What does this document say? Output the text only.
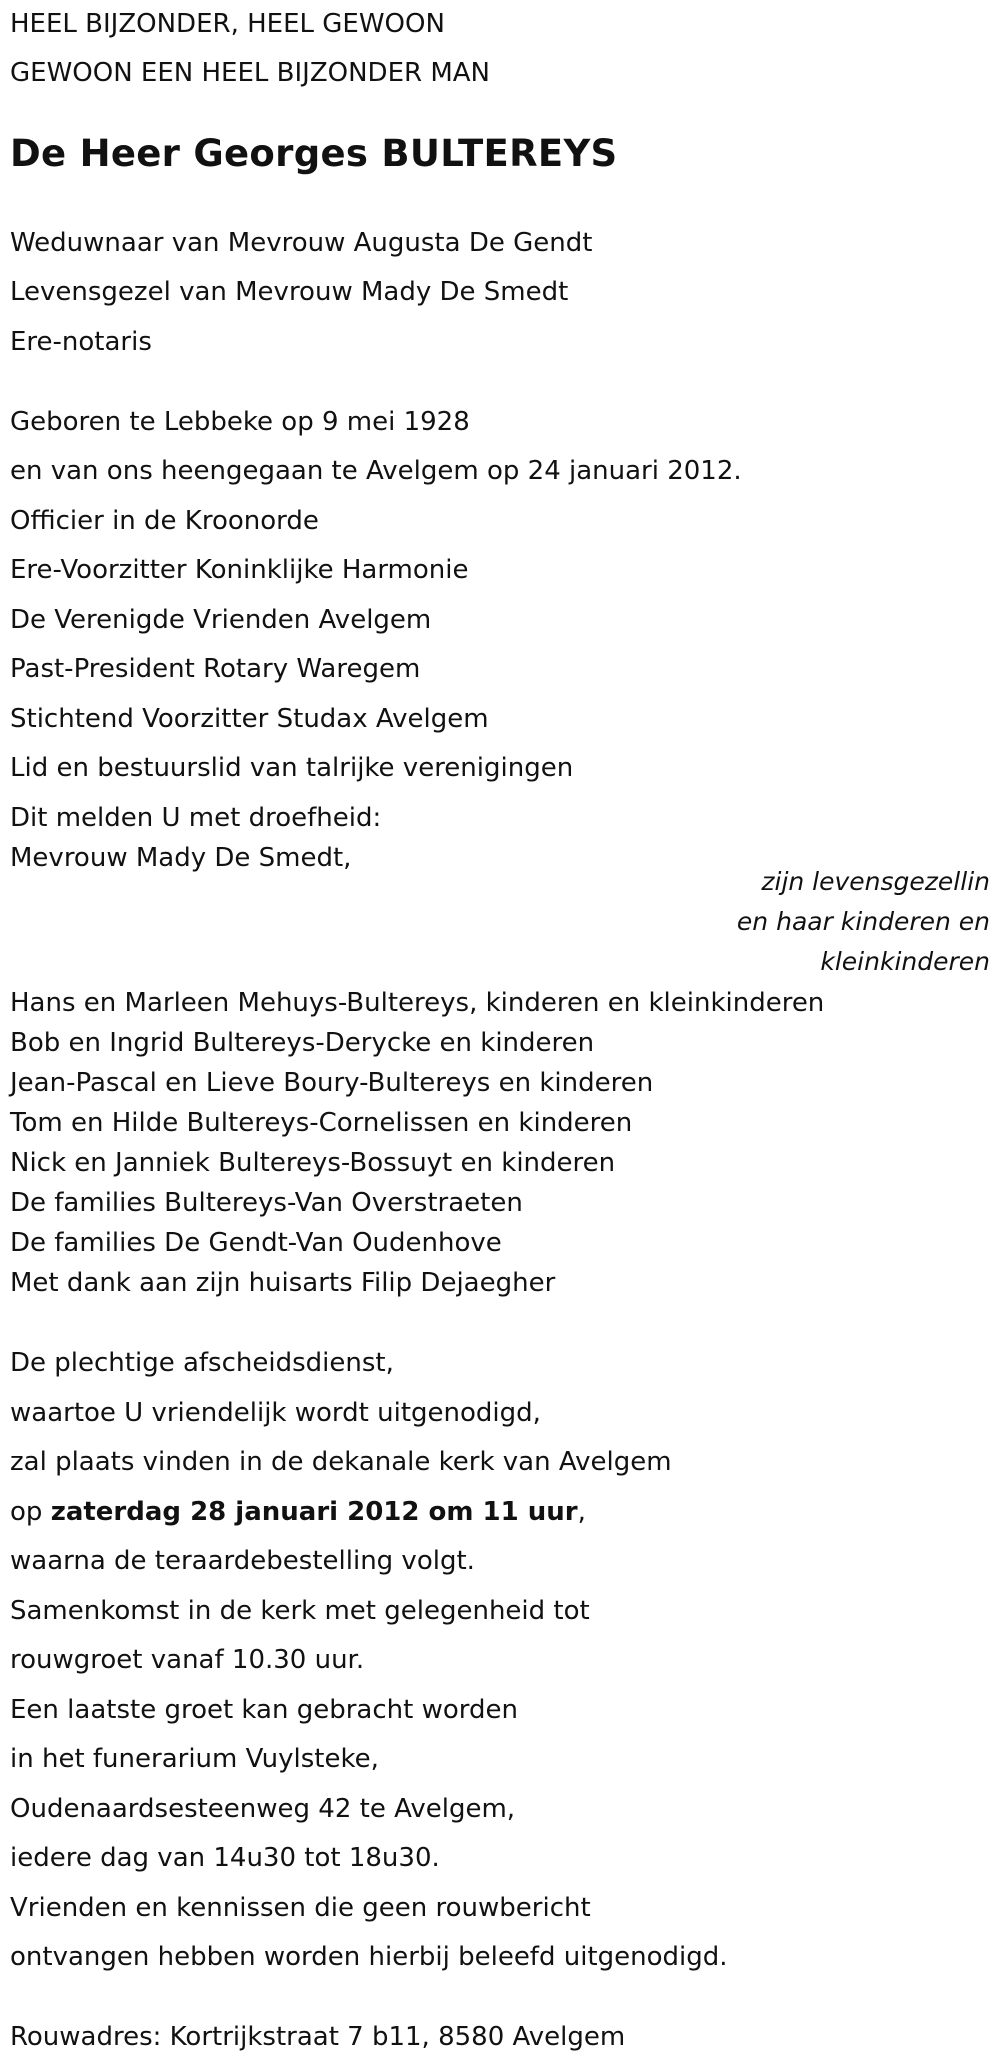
HEEL BIJZONDER, HEEL GEWOON

GEWOON EEN HEEL BIJZONDER MAN

De Heer Georges BULTEREYS

Weduwnaar van Mevrouw Augusta De Gendt

Levensgezel van Mevrouw Mady De Smedt

Ere-notaris

Geboren te Lebbeke op 9 mei 1928

en van ons heengegaan te Avelgem op 24 januari 2012.

Officier in de Kroonorde

Ere-Voorzitter Koninklijke Harmonie

De Verenigde Vrienden Avelgem

Past-President Rotary Waregem

Stichtend Voorzitter Studax Avelgem

Lid en bestuurslid van talrijke verenigingen

Dit melden U met droefheid:

Mevrouw Mady De Smedt,

zijn levensgezellin

en haar kinderen en

kleinkinderen

Hans en Marleen Mehuys-Bultereys, kinderen en kleinkinderen

Bob en Ingrid Bultereys-Derycke en kinderen

Jean-Pascal en Lieve Boury-Bultereys en kinderen

Tom en Hilde Bultereys-Cornelissen en kinderen

Nick en Janniek Bultereys-Bossuyt en kinderen

De families Bultereys-Van Overstraeten

De families De Gendt-Van Oudenhove

Met dank aan zijn huisarts Filip Dejaegher

De plechtige afscheidsdienst,

waartoe U vriendelijk wordt uitgenodigd,

zal plaats vinden in de dekanale kerk van Avelgem

op zaterdag 28 januari 2012 om 11 uur,

waarna de teraardebestelling volgt.

Samenkomst in de kerk met gelegenheid tot

rouwgroet vanaf 10.30 uur.

Een laatste groet kan gebracht worden

in het funerarium Vuylsteke,

Oudenaardsesteenweg 42 te Avelgem,

iedere dag van 14u30 tot 18u30.

Vrienden en kennissen die geen rouwbericht

ontvangen hebben worden hierbij beleefd uitgenodigd.

Rouwadres: Kortrijkstraat 7 b11, 8580 Avelgem
